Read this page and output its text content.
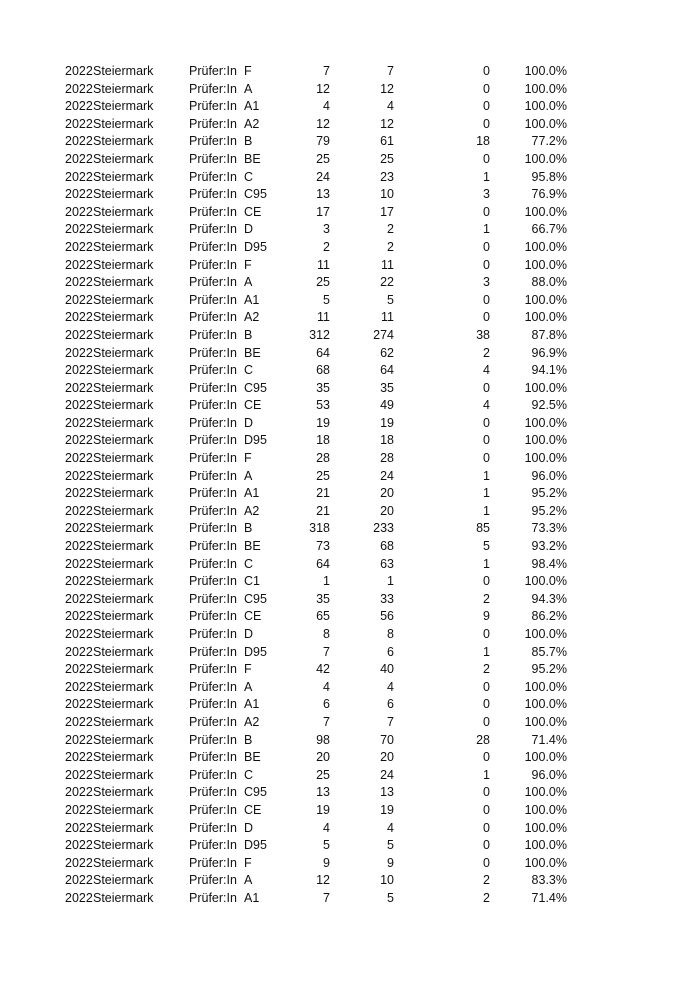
2022 Steiermark	Prüfer:In F	7	7	0	100.0%
2022 Steiermark	Prüfer:In A	12	12	0	100.0%
2022 Steiermark	Prüfer:In A1	4	4	0	100.0%
2022 Steiermark	Prüfer:In A2	12	12	0	100.0%
2022 Steiermark	Prüfer:In B	79	61	18	77.2%
2022 Steiermark	Prüfer:In BE	25	25	0	100.0%
2022 Steiermark	Prüfer:In C	24	23	1	95.8%
2022 Steiermark	Prüfer:In C95	13	10	3	76.9%
2022 Steiermark	Prüfer:In CE	17	17	0	100.0%
2022 Steiermark	Prüfer:In D	3	2	1	66.7%
2022 Steiermark	Prüfer:In D95	2	2	0	100.0%
2022 Steiermark	Prüfer:In F	11	11	0	100.0%
2022 Steiermark	Prüfer:In A	25	22	3	88.0%
2022 Steiermark	Prüfer:In A1	5	5	0	100.0%
2022 Steiermark	Prüfer:In A2	11	11	0	100.0%
2022 Steiermark	Prüfer:In B	312	274	38	87.8%
2022 Steiermark	Prüfer:In BE	64	62	2	96.9%
2022 Steiermark	Prüfer:In C	68	64	4	94.1%
2022 Steiermark	Prüfer:In C95	35	35	0	100.0%
2022 Steiermark	Prüfer:In CE	53	49	4	92.5%
2022 Steiermark	Prüfer:In D	19	19	0	100.0%
2022 Steiermark	Prüfer:In D95	18	18	0	100.0%
2022 Steiermark	Prüfer:In F	28	28	0	100.0%
2022 Steiermark	Prüfer:In A	25	24	1	96.0%
2022 Steiermark	Prüfer:In A1	21	20	1	95.2%
2022 Steiermark	Prüfer:In A2	21	20	1	95.2%
2022 Steiermark	Prüfer:In B	318	233	85	73.3%
2022 Steiermark	Prüfer:In BE	73	68	5	93.2%
2022 Steiermark	Prüfer:In C	64	63	1	98.4%
2022 Steiermark	Prüfer:In C1	1	1	0	100.0%
2022 Steiermark	Prüfer:In C95	35	33	2	94.3%
2022 Steiermark	Prüfer:In CE	65	56	9	86.2%
2022 Steiermark	Prüfer:In D	8	8	0	100.0%
2022 Steiermark	Prüfer:In D95	7	6	1	85.7%
2022 Steiermark	Prüfer:In F	42	40	2	95.2%
2022 Steiermark	Prüfer:In A	4	4	0	100.0%
2022 Steiermark	Prüfer:In A1	6	6	0	100.0%
2022 Steiermark	Prüfer:In A2	7	7	0	100.0%
2022 Steiermark	Prüfer:In B	98	70	28	71.4%
2022 Steiermark	Prüfer:In BE	20	20	0	100.0%
2022 Steiermark	Prüfer:In C	25	24	1	96.0%
2022 Steiermark	Prüfer:In C95	13	13	0	100.0%
2022 Steiermark	Prüfer:In CE	19	19	0	100.0%
2022 Steiermark	Prüfer:In D	4	4	0	100.0%
2022 Steiermark	Prüfer:In D95	5	5	0	100.0%
2022 Steiermark	Prüfer:In F	9	9	0	100.0%
2022 Steiermark	Prüfer:In A	12	10	2	83.3%
2022 Steiermark	Prüfer:In A1	7	5	2	71.4%
